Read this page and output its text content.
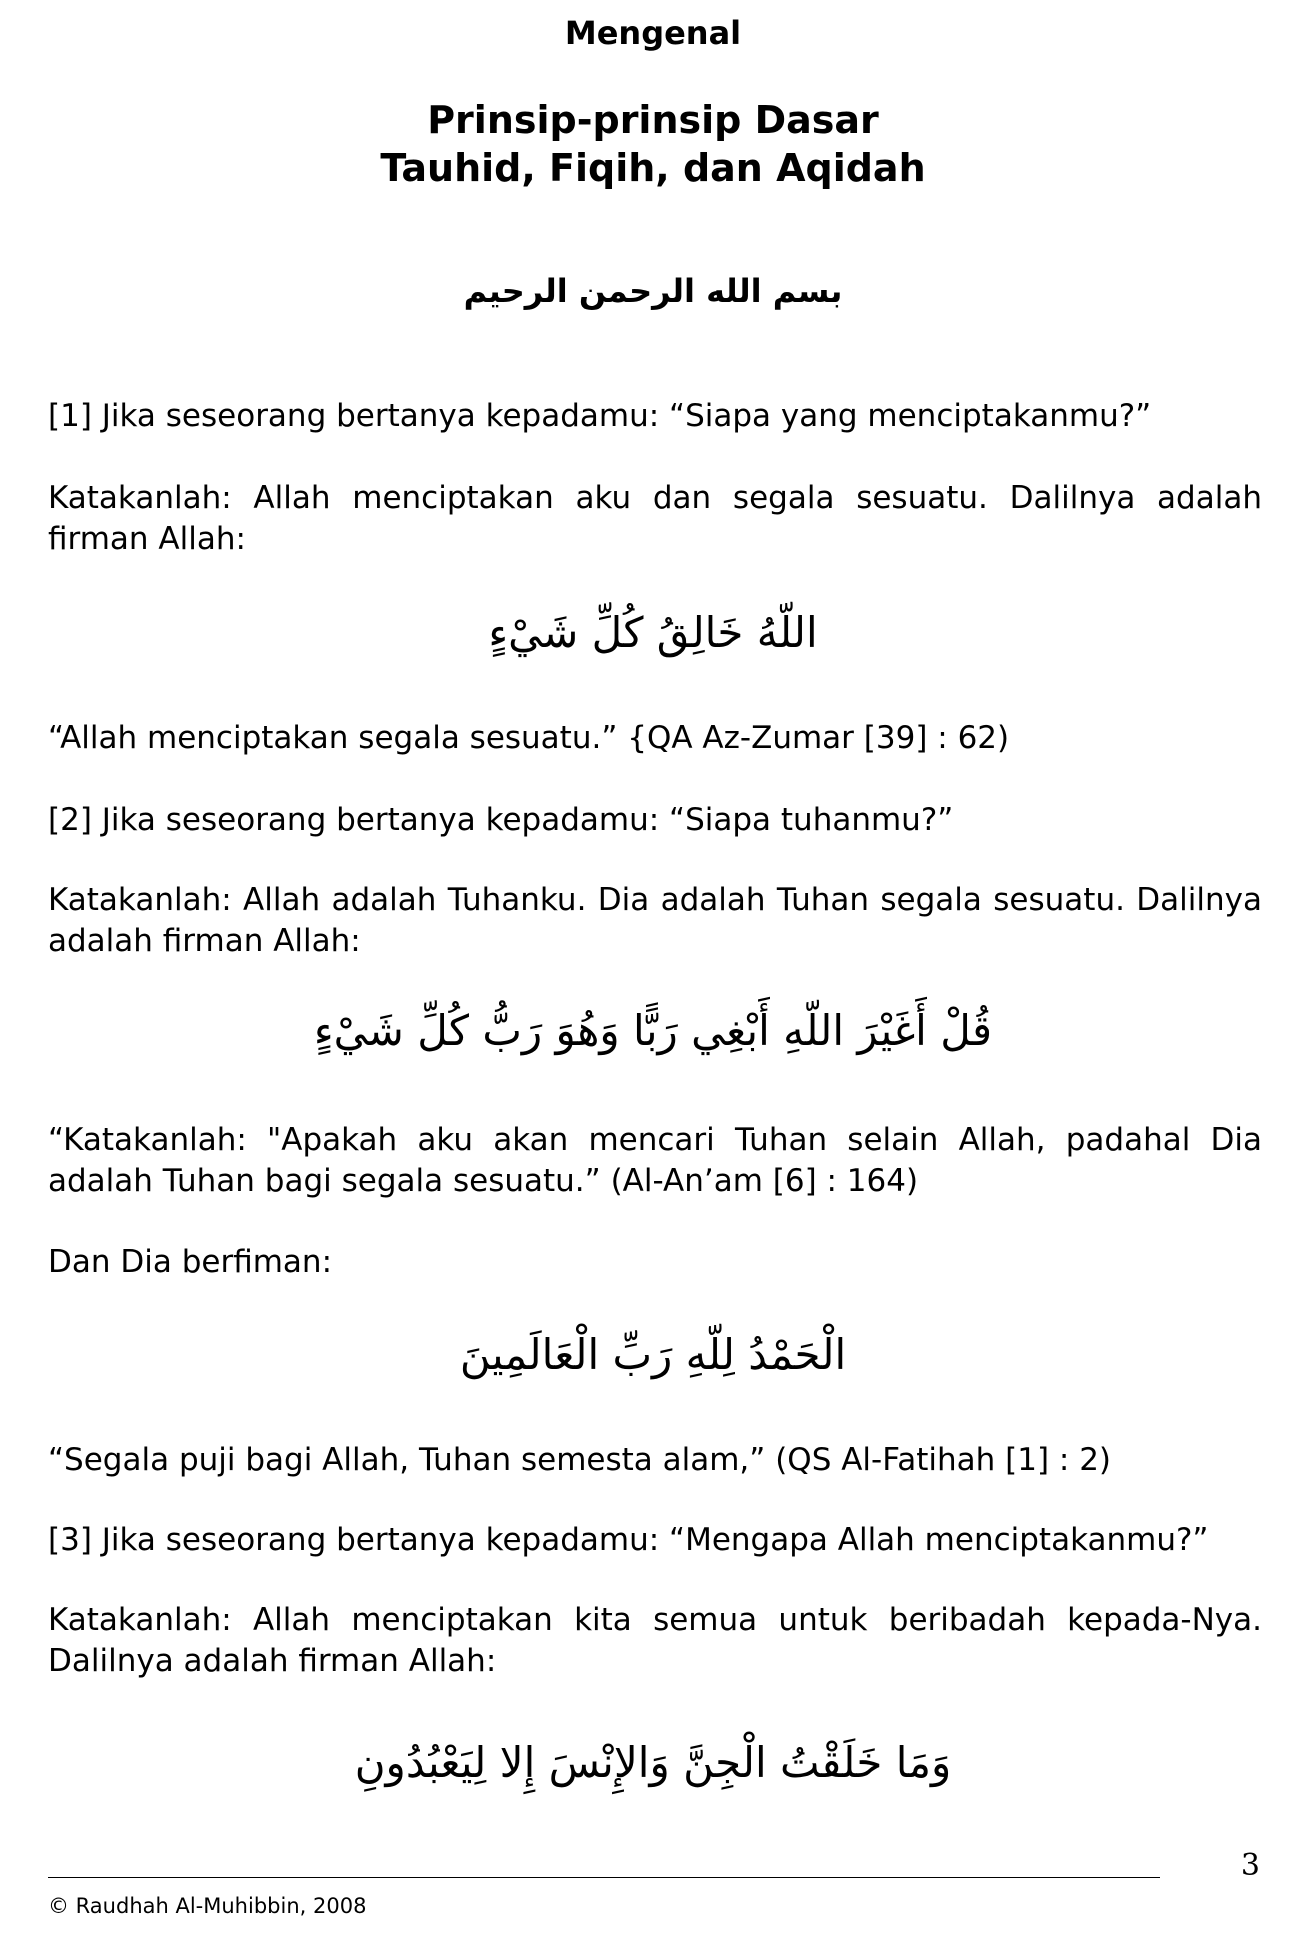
Mengenal
Prinsip-prinsip Dasar
Tauhid, Fiqih, dan Aqidah
بسم الله الرحمن الرحيم

[1] Jika seseorang bertanya kepadamu: “Siapa yang menciptakanmu?”

Katakanlah: Allah menciptakan aku dan segala sesuatu. Dalilnya adalah firman Allah:

اللّهُ خَالِقُ كُلِّ شَيْءٍ

“Allah menciptakan segala sesuatu.” {QA Az-Zumar [39] : 62)

[2] Jika seseorang bertanya kepadamu: “Siapa tuhanmu?”

Katakanlah: Allah adalah Tuhanku. Dia adalah Tuhan segala sesuatu. Dalilnya adalah firman Allah:

قُلْ أَغَيْرَ اللّهِ أَبْغِي رَبًّا وَهُوَ رَبُّ كُلِّ شَيْءٍ

“Katakanlah: "Apakah aku akan mencari Tuhan selain Allah, padahal Dia adalah Tuhan bagi segala sesuatu.” (Al-An’am [6] : 164)

Dan Dia berfiman:

الْحَمْدُ لِلّهِ رَبِّ الْعَالَمِينَ

“Segala puji bagi Allah, Tuhan semesta alam,” (QS Al-Fatihah [1] : 2)

[3] Jika seseorang bertanya kepadamu: “Mengapa Allah menciptakanmu?”

Katakanlah: Allah menciptakan kita semua untuk beribadah kepada-Nya. Dalilnya adalah firman Allah:

وَمَا خَلَقْتُ الْجِنَّ وَالإِنْسَ إِلا لِيَعْبُدُونِ
© Raudhah Al-Muhibbin, 2008
3
